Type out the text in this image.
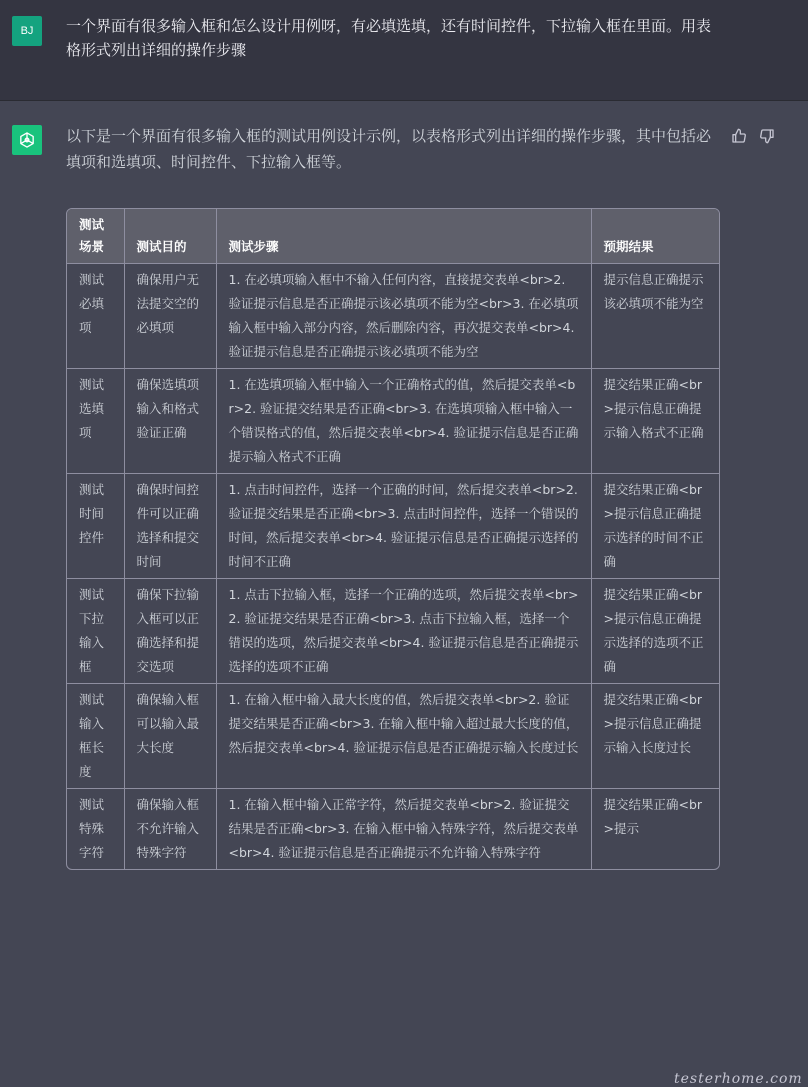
BJ	一个界面有很多输入框和怎么设计用例呀，有必填选填，还有时间控件，下拉输入框在里面。用表格形式列出详细的操作步骤
以下是一个界面有很多输入框的测试用例设计示例，以表格形式列出详细的操作步骤，其中包括必填项和选填项、时间控件、下拉输入框等。
测试场景	测试目的	测试步骤	预期结果
测试必填项	确保用户无法提交空的必填项	1. 在必填项输入框中不输入任何内容，直接提交表单<br>2. 验证提示信息是否正确提示该必填项不能为空<br>3. 在必填项输入框中输入部分内容，然后删除内容，再次提交表单<br>4. 验证提示信息是否正确提示该必填项不能为空	提示信息正确提示该必填项不能为空
测试选填项	确保选填项输入和格式验证正确	1. 在选填项输入框中输入一个正确格式的值，然后提交表单<br>2. 验证提交结果是否正确<br>3. 在选填项输入框中输入一个错误格式的值，然后提交表单<br>4. 验证提示信息是否正确提示输入格式不正确	提交结果正确<br>提示信息正确提示输入格式不正确
测试时间控件	确保时间控件可以正确选择和提交时间	1. 点击时间控件，选择一个正确的时间，然后提交表单<br>2. 验证提交结果是否正确<br>3. 点击时间控件，选择一个错误的时间，然后提交表单<br>4. 验证提示信息是否正确提示选择的时间不正确	提交结果正确<br>提示信息正确提示选择的时间不正确
测试下拉输入框	确保下拉输入框可以正确选择和提交选项	1. 点击下拉输入框，选择一个正确的选项，然后提交表单<br>2. 验证提交结果是否正确<br>3. 点击下拉输入框，选择一个错误的选项，然后提交表单<br>4. 验证提示信息是否正确提示选择的选项不正确	提交结果正确<br>提示信息正确提示选择的选项不正确
测试输入框长度	确保输入框可以输入最大长度	1. 在输入框中输入最大长度的值，然后提交表单<br>2. 验证提交结果是否正确<br>3. 在输入框中输入超过最大长度的值，然后提交表单<br>4. 验证提示信息是否正确提示输入长度过长	提交结果正确<br>提示信息正确提示输入长度过长
测试特殊字符	确保输入框不允许输入特殊字符	1. 在输入框中输入正常字符，然后提交表单<br>2. 验证提交结果是否正确<br>3. 在输入框中输入特殊字符，然后提交表单<br>4. 验证提示信息是否正确提示不允许输入特殊字符	提交结果正确<br>提示
testerhome.com
